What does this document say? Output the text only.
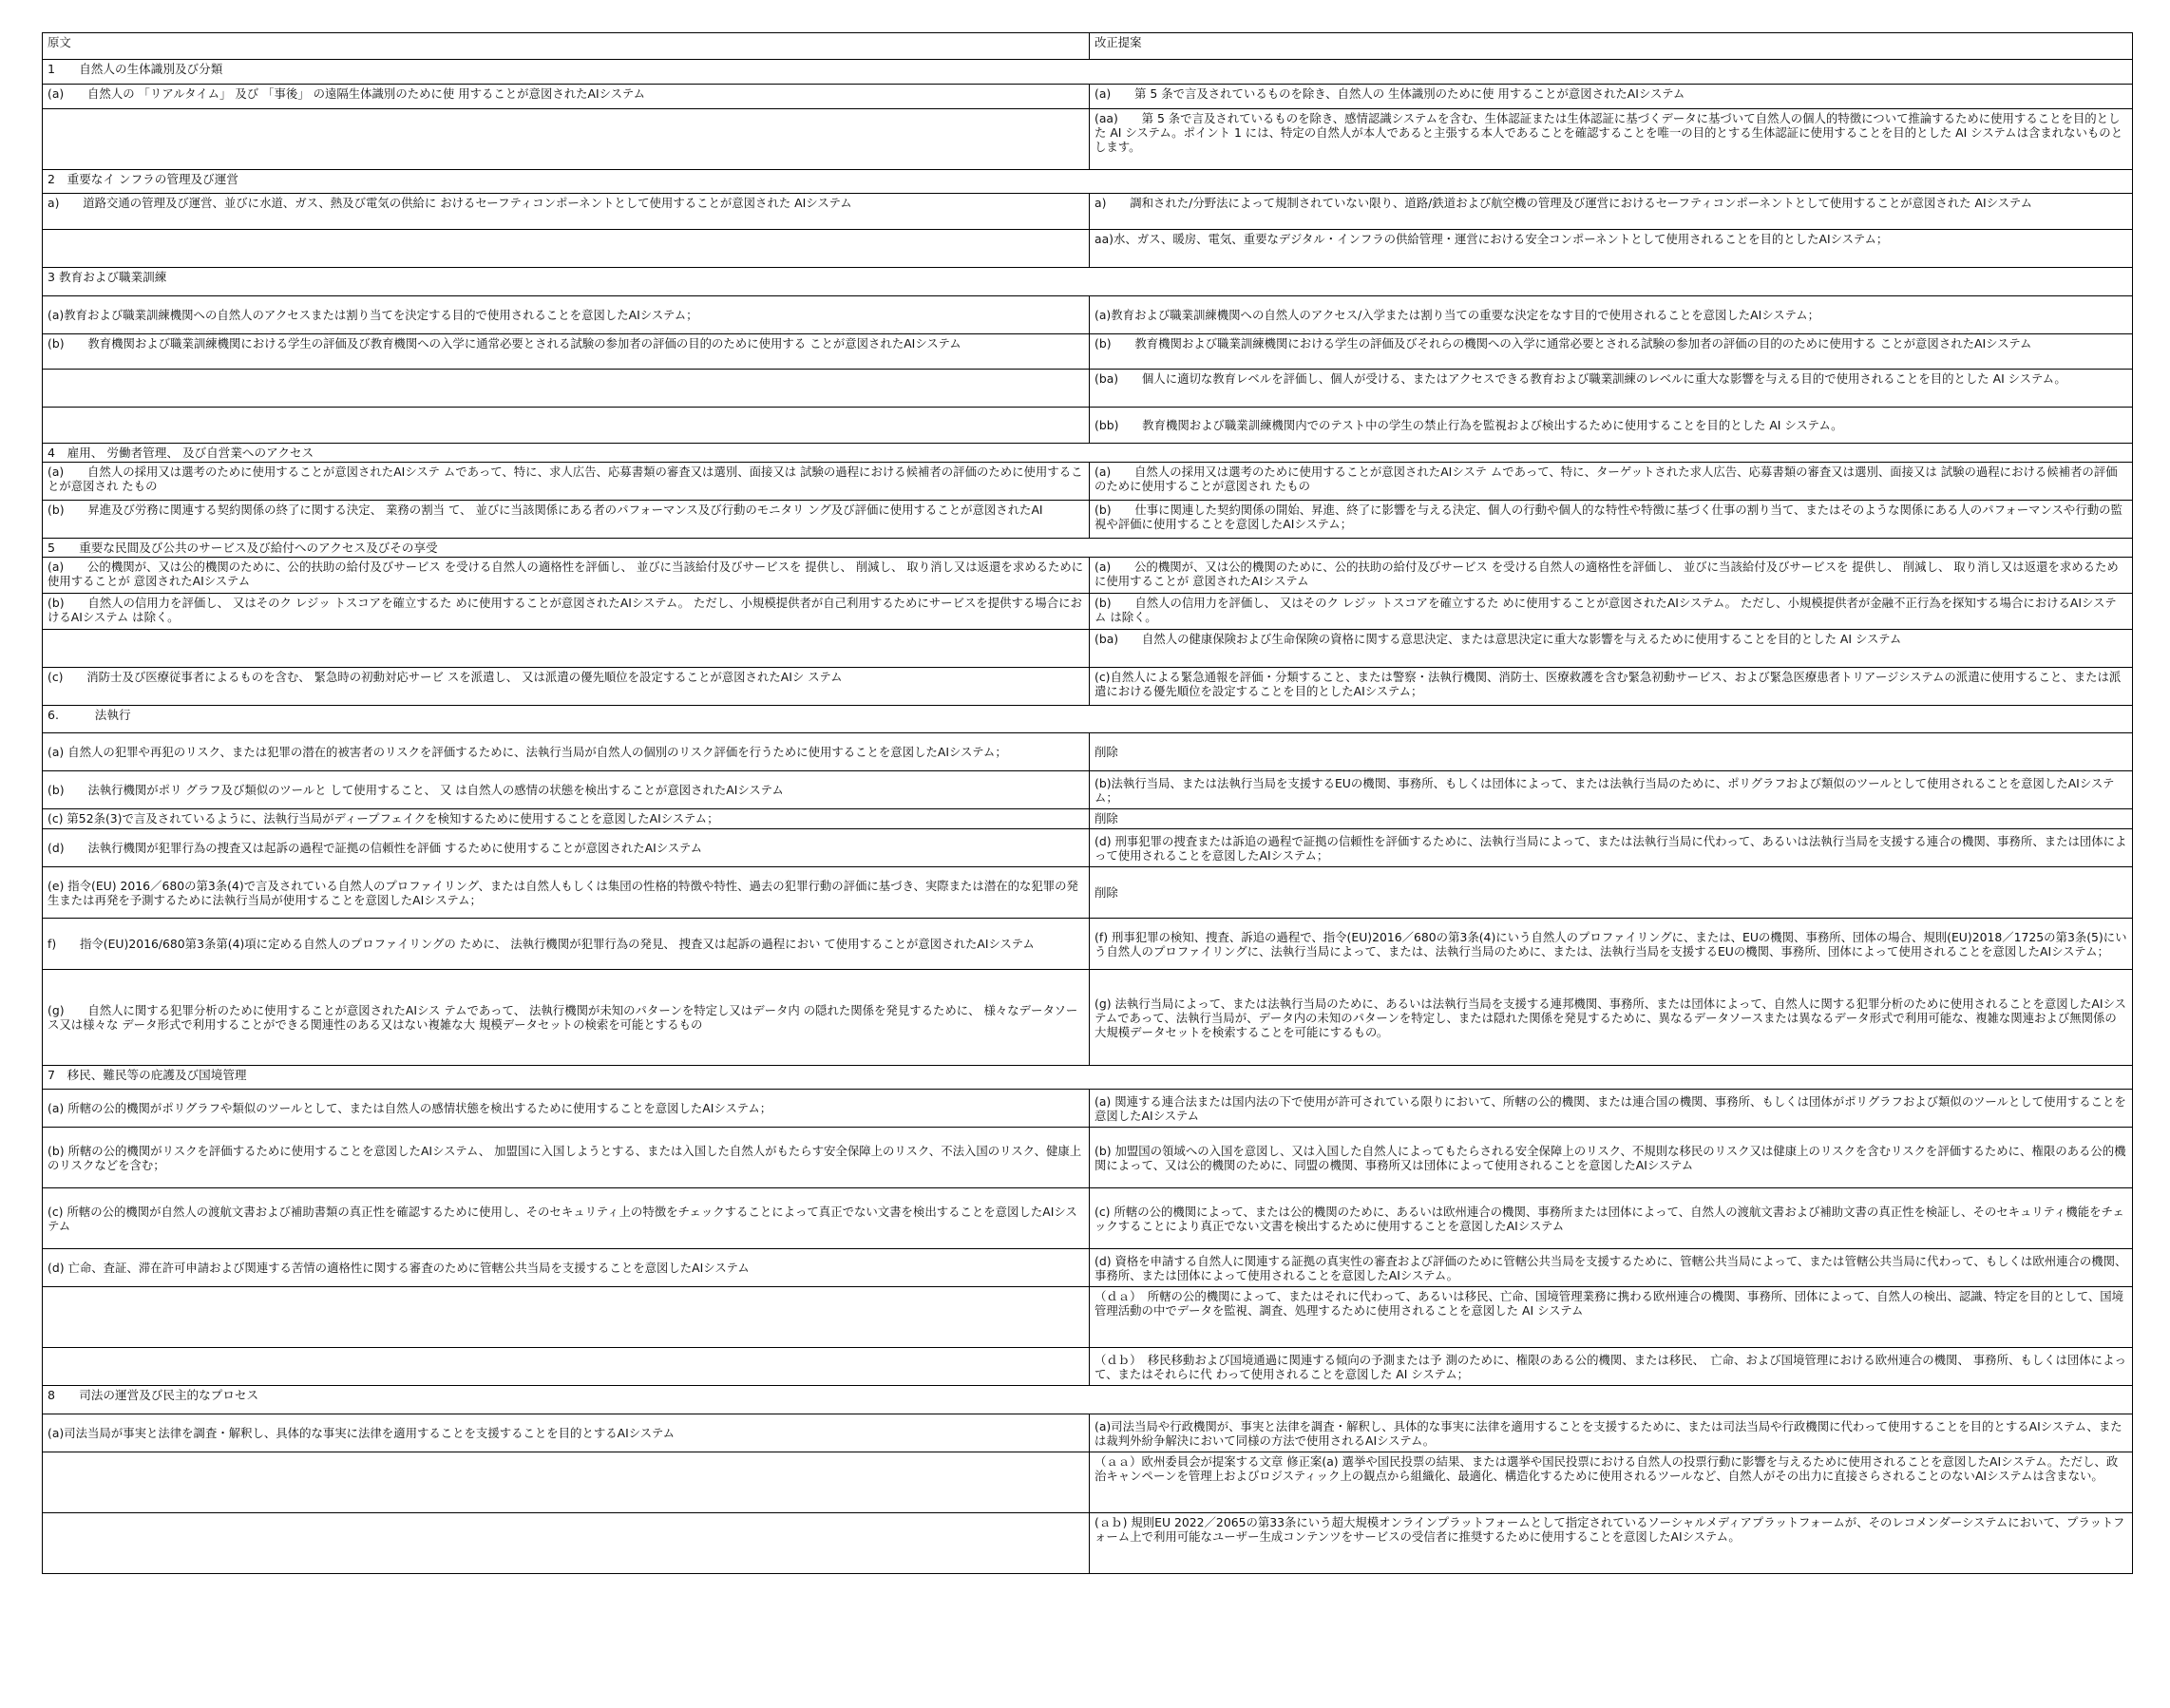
原文	改正提案
1　　自然人の生体識別及び分類	
(a)　　自然人の 「リアルタイム」 及び 「事後」 の遠隔生体識別のために使 用することが意図されたAIシステム	(a)　　第 5 条で言及されているものを除き、自然人の 生体識別のために使 用することが意図されたAIシステム
	(aa)　　第 5 条で言及されているものを除き、感情認識システムを含む、生体認証または生体認証に基づくデータに基づいて自然人の個人的特徴について推論するために使用することを目的とした AI システム。ポイント 1 には、特定の自然人が本人であると主張する本人であることを確認することを唯一の目的とする生体認証に使用することを目的とした AI システムは含まれないものとします。
2　重要なイ ンフラの管理及び運営	
a)　　道路交通の管理及び運営、並びに水道、ガス、熱及び電気の供給に おけるセーフティコンポーネントとして使用することが意図された AIシステム	a)　　調和された/分野法によって規制されていない限り、道路/鉄道および航空機の管理及び運営におけるセーフティコンポーネントとして使用することが意図された AIシステム
	aa)水、ガス、暖房、電気、重要なデジタル・インフラの供給管理・運営における安全コンポーネントとして使用されることを目的としたAIシステム；
3 教育および職業訓練	
(a)教育および職業訓練機関への自然人のアクセスまたは割り当てを決定する目的で使用されることを意図したAIシステム；	(a)教育および職業訓練機関への自然人のアクセス/入学または割り当ての重要な決定をなす目的で使用されることを意図したAIシステム；
(b)　　教育機関および職業訓練機関における学生の評価及び教育機関への入学に通常必要とされる試験の参加者の評価の目的のために使用する ことが意図されたAIシステム	(b)　　教育機関および職業訓練機関における学生の評価及びそれらの機関への入学に通常必要とされる試験の参加者の評価の目的のために使用する ことが意図されたAIシステム
	(ba)　　個人に適切な教育レベルを評価し、個人が受ける、またはアクセスできる教育および職業訓練のレベルに重大な影響を与える目的で使用されることを目的とした AI システム。
	(bb)　　教育機関および職業訓練機関内でのテスト中の学生の禁止行為を監視および検出するために使用することを目的とした AI システム。
4　雇用、 労働者管理、 及び自営業へのアクセス	
(a)　　自然人の採用又は選考のために使用することが意図されたAIシステ ムであって、特に、求人広告、応募書類の審査又は選別、面接又は 試験の過程における候補者の評価のために使用することが意図され たもの	(a)　　自然人の採用又は選考のために使用することが意図されたAIシステ ムであって、特に、ターゲットされた求人広告、応募書類の審査又は選別、面接又は 試験の過程における候補者の評価のために使用することが意図され たもの
(b)　　昇進及び労務に関連する契約関係の終了に関する決定、 業務の割当 て、 並びに当該関係にある者のパフォーマンス及び行動のモニタリ ング及び評価に使用することが意図されたAI	(b)　　仕事に関連した契約関係の開始、昇進、終了に影響を与える決定、個人の行動や個人的な特性や特徴に基づく仕事の割り当て、またはそのような関係にある人のパフォーマンスや行動の監視や評価に使用することを意図したAIシステム；
5　　重要な民間及び公共のサービス及び給付へのアクセス及びその享受	
(a)　　公的機関が、又は公的機関のために、公的扶助の給付及びサービス を受ける自然人の適格性を評価し、 並びに当該給付及びサービスを 提供し、 削減し、 取り消し又は返還を求めるために使用することが 意図されたAIシステム	(a)　　公的機関が、又は公的機関のために、公的扶助の給付及びサービス を受ける自然人の適格性を評価し、 並びに当該給付及びサービスを 提供し、 削減し、 取り消し又は返還を求めるために使用することが 意図されたAIシステム
(b)　　自然人の信用力を評価し、 又はそのク レジッ トスコアを確立するた めに使用することが意図されたAIシステム。 ただし、小規模提供者が自己利用するためにサービスを提供する場合におけるAIシステム は除く。	(b)　　自然人の信用力を評価し、 又はそのク レジッ トスコアを確立するた めに使用することが意図されたAIシステム。 ただし、小規模提供者が金融不正行為を探知する場合におけるAIシステム は除く。
	(ba)　　自然人の健康保険および生命保険の資格に関する意思決定、または意思決定に重大な影響を与えるために使用することを目的とした AI システム
(c)　　消防士及び医療従事者によるものを含む、 緊急時の初動対応サービ スを派遣し、 又は派遣の優先順位を設定することが意図されたAIシ ステム	(c)自然人による緊急通報を評価・分類すること、または警察・法執行機関、消防士、医療救護を含む緊急初動サービス、および緊急医療患者トリアージシステムの派遣に使用すること、または派遣における優先順位を設定することを目的としたAIシステム；
6.　　　法執行	
(a) 自然人の犯罪や再犯のリスク、または犯罪の潜在的被害者のリスクを評価するために、法執行当局が自然人の個別のリスク評価を行うために使用することを意図したAIシステム；	削除
(b)　　法執行機関がポリ グラフ及び類似のツールと して使用すること、 又 は自然人の感情の状態を検出することが意図されたAIシステム	(b)法執行当局、または法執行当局を支援するEUの機関、事務所、もしくは団体によって、または法執行当局のために、ポリグラフおよび類似のツールとして使用されることを意図したAIシステム；
(c) 第52条(3)で言及されているように、法執行当局がディープフェイクを検知するために使用することを意図したAIシステム；	削除
(d)　　法執行機関が犯罪行為の捜査又は起訴の過程で証拠の信頼性を評価 するために使用することが意図されたAIシステム	(d) 刑事犯罪の捜査または訴追の過程で証拠の信頼性を評価するために、法執行当局によって、または法執行当局に代わって、あるいは法執行当局を支援する連合の機関、事務所、または団体によって使用されることを意図したAIシステム；
(e) 指令(EU) 2016／680の第3条(4)で言及されている自然人のプロファイリング、または自然人もしくは集団の性格的特徴や特性、過去の犯罪行動の評価に基づき、実際または潜在的な犯罪の発生または再発を予測するために法執行当局が使用することを意図したAIシステム；	削除
f)　　指令(EU)2016/680第3条第(4)項に定める自然人のプロファイリングの ために、 法執行機関が犯罪行為の発見、 捜査又は起訴の過程におい て使用することが意図されたAIシステム	(f) 刑事犯罪の検知、捜査、訴追の過程で、指令(EU)2016／680の第3条(4)にいう自然人のプロファイリングに、または、EUの機関、事務所、団体の場合、規則(EU)2018／1725の第3条(5)にいう自然人のプロファイリングに、法執行当局によって、または、法執行当局のために、または、法執行当局を支援するEUの機関、事務所、団体によって使用されることを意図したAIシステム；
(g)　　自然人に関する犯罪分析のために使用することが意図されたAIシス テムであって、 法執行機関が未知のパターンを特定し又はデータ内 の隠れた関係を発見するために、 様々なデータソース又は様々な データ形式で利用することができる関連性のある又はない複雑な大 規模データセットの検索を可能とするもの	(g) 法執行当局によって、または法執行当局のために、あるいは法執行当局を支援する連邦機関、事務所、または団体によって、自然人に関する犯罪分析のために使用されることを意図したAIシステムであって、法執行当局が、データ内の未知のパターンを特定し、または隠れた関係を発見するために、異なるデータソースまたは異なるデータ形式で利用可能な、複雑な関連および無関係の大規模データセットを検索することを可能にするもの。
7　移民、難民等の庇護及び国境管理	
(a) 所轄の公的機関がポリグラフや類似のツールとして、または自然人の感情状態を検出するために使用することを意図したAIシステム；	(a) 関連する連合法または国内法の下で使用が許可されている限りにおいて、所轄の公的機関、または連合国の機関、事務所、もしくは団体がポリグラフおよび類似のツールとして使用することを意図したAIシステム
(b) 所轄の公的機関がリスクを評価するために使用することを意図したAIシステム、 加盟国に入国しようとする、または入国した自然人がもたらす安全保障上のリスク、不法入国のリスク、健康上のリスクなどを含む；	(b) 加盟国の領域への入国を意図し、又は入国した自然人によってもたらされる安全保障上のリスク、不規則な移民のリスク又は健康上のリスクを含むリスクを評価するために、権限のある公的機関によって、又は公的機関のために、同盟の機関、事務所又は団体によって使用されることを意図したAIシステム
(c) 所轄の公的機関が自然人の渡航文書および補助書類の真正性を確認するために使用し、そのセキュリティ上の特徴をチェックすることによって真正でない文書を検出することを意図したAIシステム	(c) 所轄の公的機関によって、または公的機関のために、あるいは欧州連合の機関、事務所または団体によって、自然人の渡航文書および補助文書の真正性を検証し、そのセキュリティ機能をチェックすることにより真正でない文書を検出するために使用することを意図したAIシステム
(d) 亡命、査証、滞在許可申請および関連する苦情の適格性に関する審査のために管轄公共当局を支援することを意図したAIシステム	(d) 資格を申請する自然人に関連する証拠の真実性の審査および評価のために管轄公共当局を支援するために、管轄公共当局によって、または管轄公共当局に代わって、もしくは欧州連合の機関、事務所、または団体によって使用されることを意図したAIシステム。
	（ｄａ）　所轄の公的機関によって、またはそれに代わって、あるいは移民、亡命、国境管理業務に携わる欧州連合の機関、事務所、団体によって、自然人の検出、認識、特定を目的として、国境管理活動の中でデータを監視、調査、処理するために使用されることを意図した AI システム
	（ｄｂ）　移民移動および国境通過に関連する傾向の予測または予 測のために、権限のある公的機関、または移民、　亡命、および国境管理における欧州連合の機関、 事務所、もしくは団体によって、またはそれらに代 わって使用されることを意図した AI システム；
8　　司法の運営及び民主的なプロセス	
(a)司法当局が事実と法律を調査・解釈し、具体的な事実に法律を適用することを支援することを目的とするAIシステム	(a)司法当局や行政機関が、事実と法律を調査・解釈し、具体的な事実に法律を適用することを支援するために、または司法当局や行政機関に代わって使用することを目的とするAIシステム、または裁判外紛争解決において同様の方法で使用されるAIシステム。
	（ａａ）欧州委員会が提案する文章 修正案(a) 選挙や国民投票の結果、または選挙や国民投票における自然人の投票行動に影響を与えるために使用されることを意図したAIシステム。ただし、政治キャンペーンを管理上およびロジスティック上の観点から組織化、最適化、構造化するために使用されるツールなど、自然人がその出力に直接さらされることのないAIシステムは含まない。
	(ａｂ) 規則EU 2022／2065の第33条にいう超大規模オンラインプラットフォームとして指定されているソーシャルメディアプラットフォームが、そのレコメンダーシステムにおいて、プラットフォーム上で利用可能なユーザー生成コンテンツをサービスの受信者に推奨するために使用することを意図したAIシステム。
